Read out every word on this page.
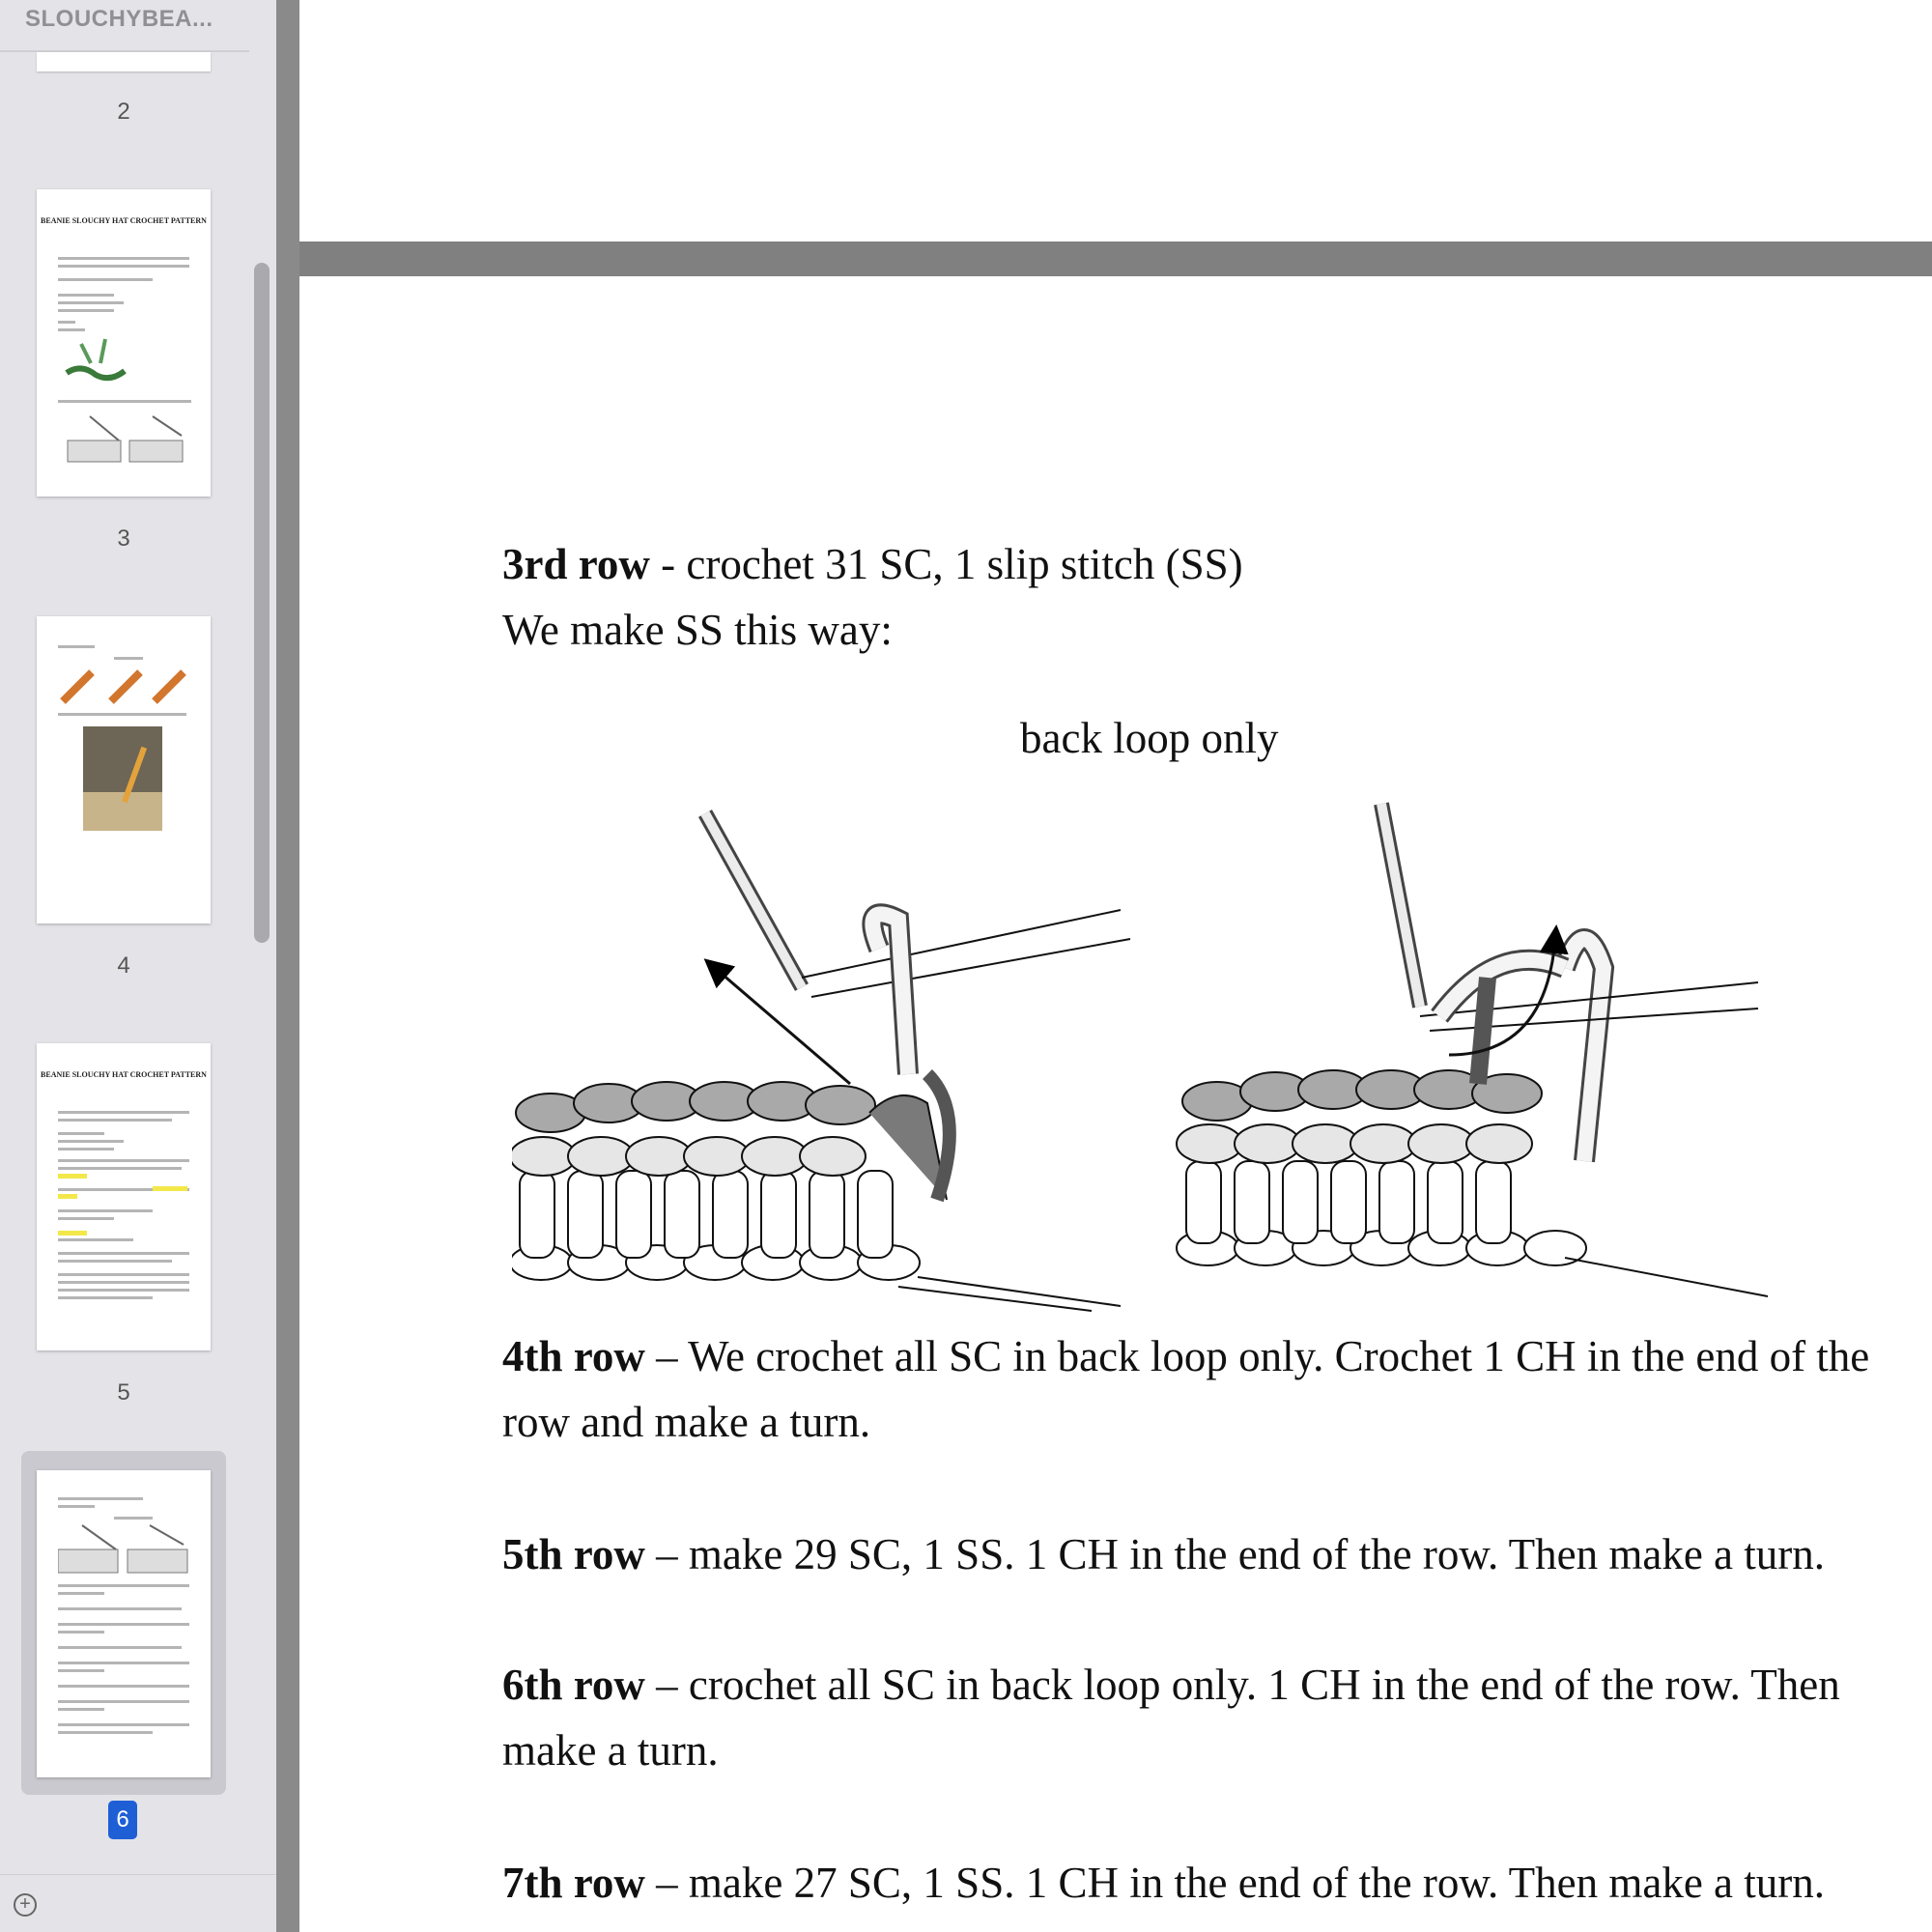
SLOUCHYBEA...
2
BEANIE SLOUCHY HAT CROCHET PATTERN
3
4
BEANIE SLOUCHY HAT CROCHET PATTERN
5
6
+
3rd row - crochet 31 SC, 1 slip stitch (SS)
We make SS this way:
back loop only
4th row – We crochet all SC in back loop only. Crochet 1 CH in the end of the
row and make a turn.
5th row – make 29 SC, 1 SS. 1 CH in the end of the row. Then make a turn.
6th row – crochet all SC in back loop only. 1 CH in the end of the row. Then
make a turn.
7th row – make 27 SC, 1 SS. 1 CH in the end of the row. Then make a turn.
